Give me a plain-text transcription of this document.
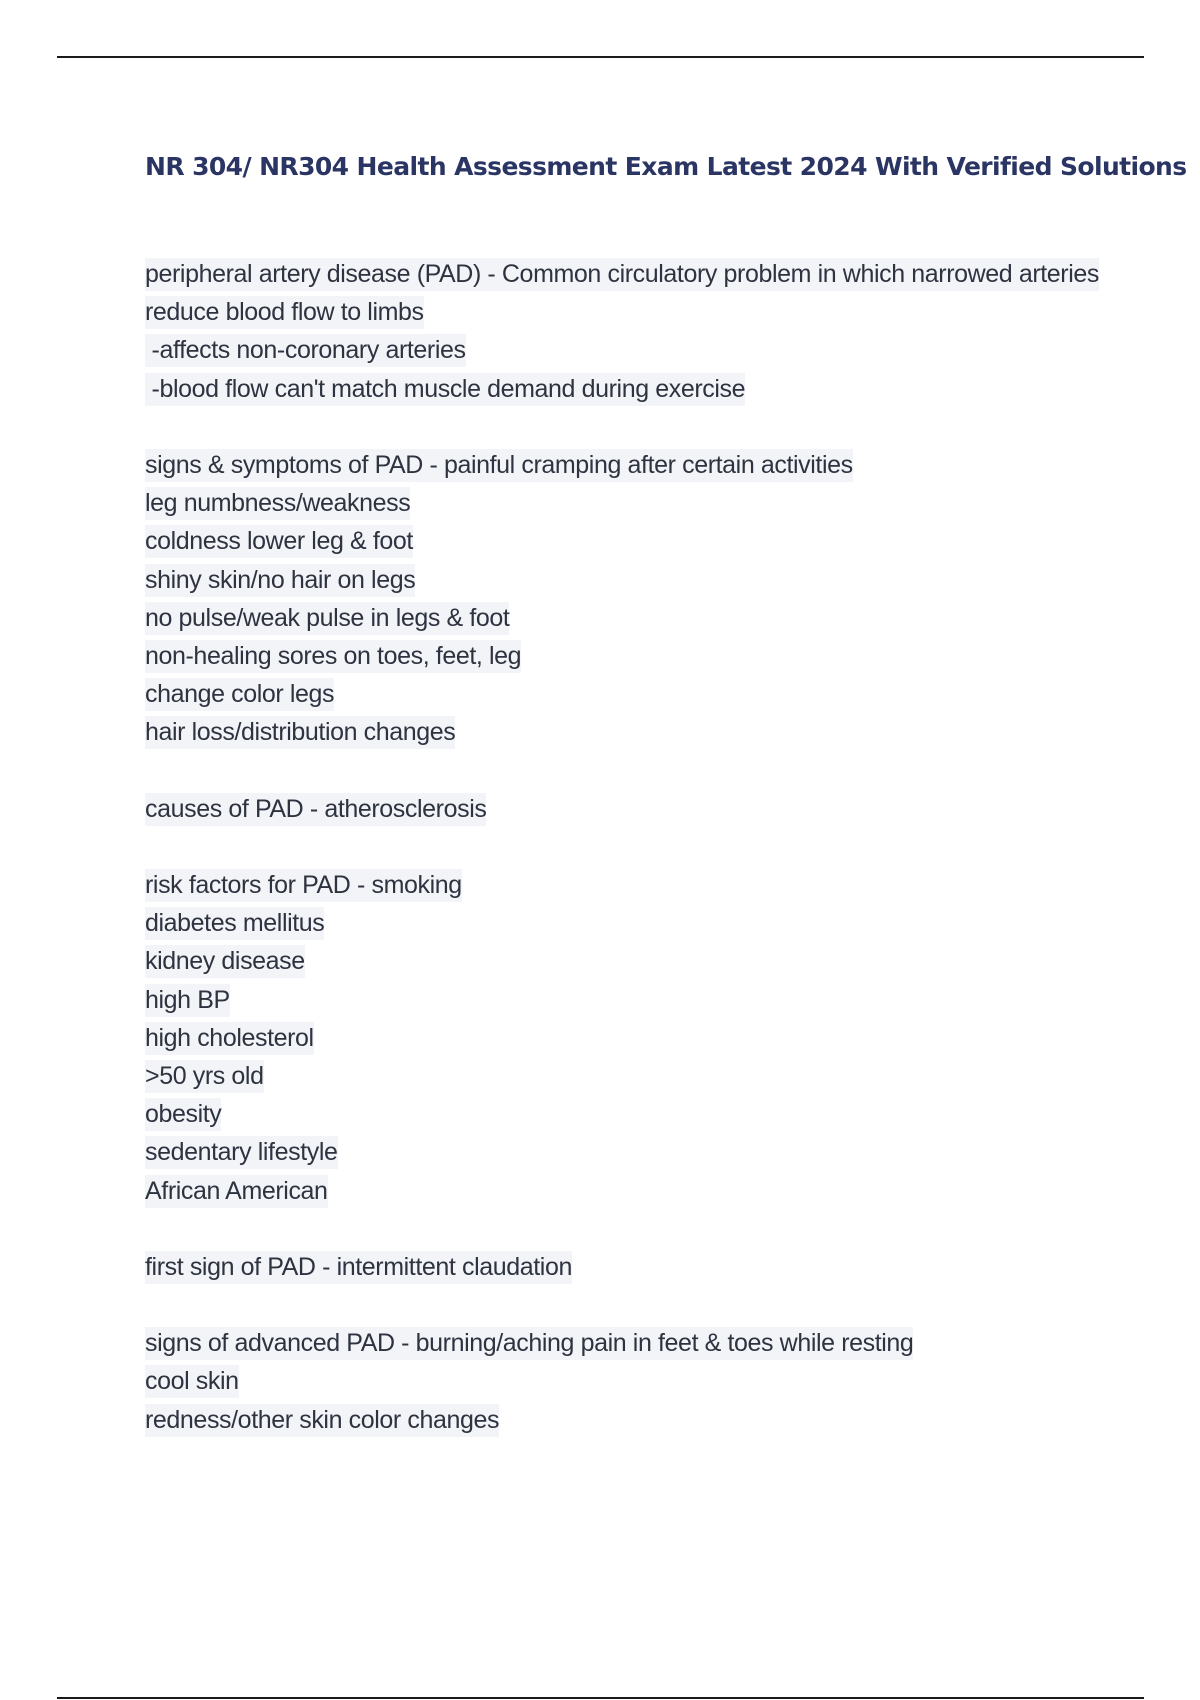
NR 304/ NR304 Health Assessment Exam Latest 2024 With Verified Solutions
peripheral artery disease (PAD) - Common circulatory problem in which narrowed arteries
reduce blood flow to limbs
-affects non-coronary arteries
-blood flow can't match muscle demand during exercise
signs & symptoms of PAD - painful cramping after certain activities
leg numbness/weakness
coldness lower leg & foot
shiny skin/no hair on legs
no pulse/weak pulse in legs & foot
non-healing sores on toes, feet, leg
change color legs
hair loss/distribution changes
causes of PAD - atherosclerosis
risk factors for PAD - smoking
diabetes mellitus
kidney disease
high BP
high cholesterol
>50 yrs old
obesity
sedentary lifestyle
African American
first sign of PAD - intermittent claudation
signs of advanced PAD - burning/aching pain in feet & toes while resting
cool skin
redness/other skin color changes
